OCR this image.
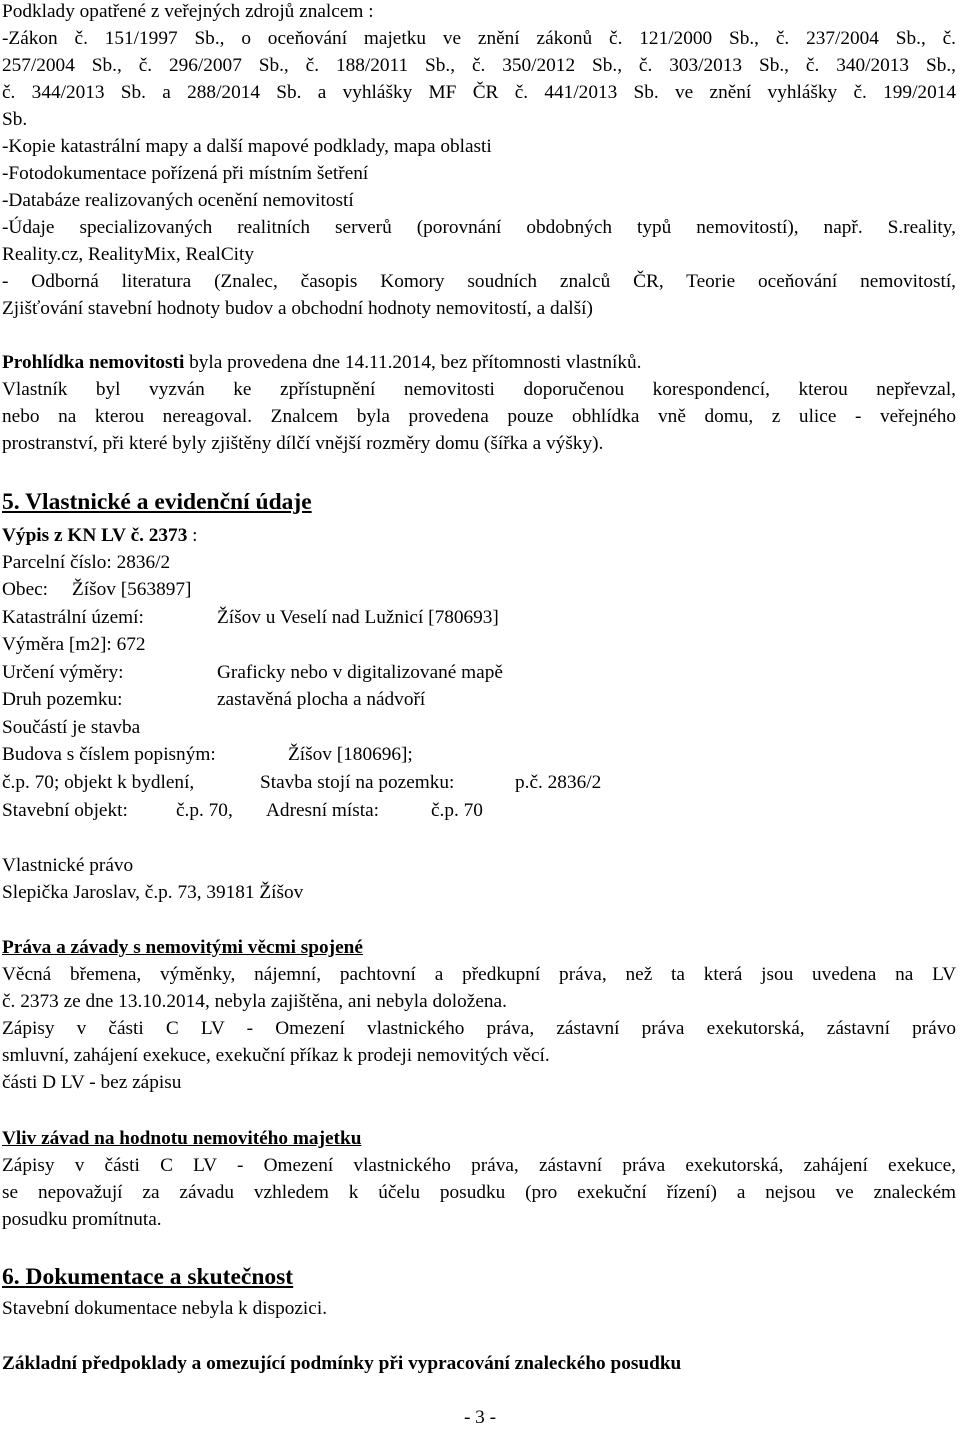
Podklady opatřené z veřejných zdrojů znalcem :
-Zákon č. 151/1997 Sb., o oceňování majetku ve znění zákonů č. 121/2000 Sb., č. 237/2004 Sb., č.
257/2004 Sb., č. 296/2007 Sb., č. 188/2011 Sb., č. 350/2012 Sb., č. 303/2013 Sb., č. 340/2013 Sb.,
č. 344/2013 Sb. a 288/2014 Sb. a vyhlášky MF ČR č. 441/2013 Sb. ve znění vyhlášky č. 199/2014
Sb.
-Kopie katastrální mapy a další mapové podklady, mapa oblasti
-Fotodokumentace pořízená při místním šetření
-Databáze realizovaných ocenění nemovitostí
-Údaje specializovaných realitních serverů (porovnání obdobných typů nemovitostí), např. S.reality,
Reality.cz, RealityMix, RealCity
- Odborná literatura (Znalec, časopis Komory soudních znalců ČR, Teorie oceňování nemovitostí,
Zjišťování stavební hodnoty budov a obchodní hodnoty nemovitostí, a další)
Prohlídka nemovitosti byla provedena dne 14.11.2014, bez přítomnosti vlastníků.
Vlastník byl vyzván ke zpřístupnění nemovitosti doporučenou korespondencí, kterou nepřevzal,
nebo na kterou nereagoval. Znalcem byla provedena pouze obhlídka vně domu, z ulice - veřejného
prostranství, při které byly zjištěny dílčí vnější rozměry domu (šířka a výšky).
5. Vlastnické a evidenční údaje
Výpis z KN LV č. 2373 :
Parcelní číslo: 2836/2
Obec: Žíšov [563897]
Katastrální území:	Žíšov u Veselí nad Lužnicí [780693]
Výměra [m2]: 672
Určení výměry:	Graficky nebo v digitalizované mapě
Druh pozemku:	zastavěná plocha a nádvoří
Součástí je stavba
Budova s číslem popisným:	Žíšov [180696];
č.p. 70; objekt k bydlení,	Stavba stojí na pozemku:	p.č. 2836/2
Stavební objekt: č.p. 70, Adresní místa:	č.p. 70
Vlastnické právo
Slepička Jaroslav, č.p. 73, 39181 Žíšov
Práva a závady s nemovitými věcmi spojené
Věcná břemena, výměnky, nájemní, pachtovní a předkupní práva, než ta která jsou uvedena na LV
č. 2373 ze dne 13.10.2014, nebyla zajištěna, ani nebyla doložena.
Zápisy v části C LV - Omezení vlastnického práva, zástavní práva exekutorská, zástavní právo
smluvní, zahájení exekuce, exekuční příkaz k prodeji nemovitých věcí.
části D LV - bez zápisu
Vliv závad na hodnotu nemovitého majetku
Zápisy v části C LV - Omezení vlastnického práva, zástavní práva exekutorská, zahájení exekuce,
se nepovažují za závadu vzhledem k účelu posudku (pro exekuční řízení) a nejsou ve znaleckém
posudku promítnuta.
6. Dokumentace a skutečnost
Stavební dokumentace nebyla k dispozici.
Základní předpoklady a omezující podmínky při vypracování znaleckého posudku
- 3 -
